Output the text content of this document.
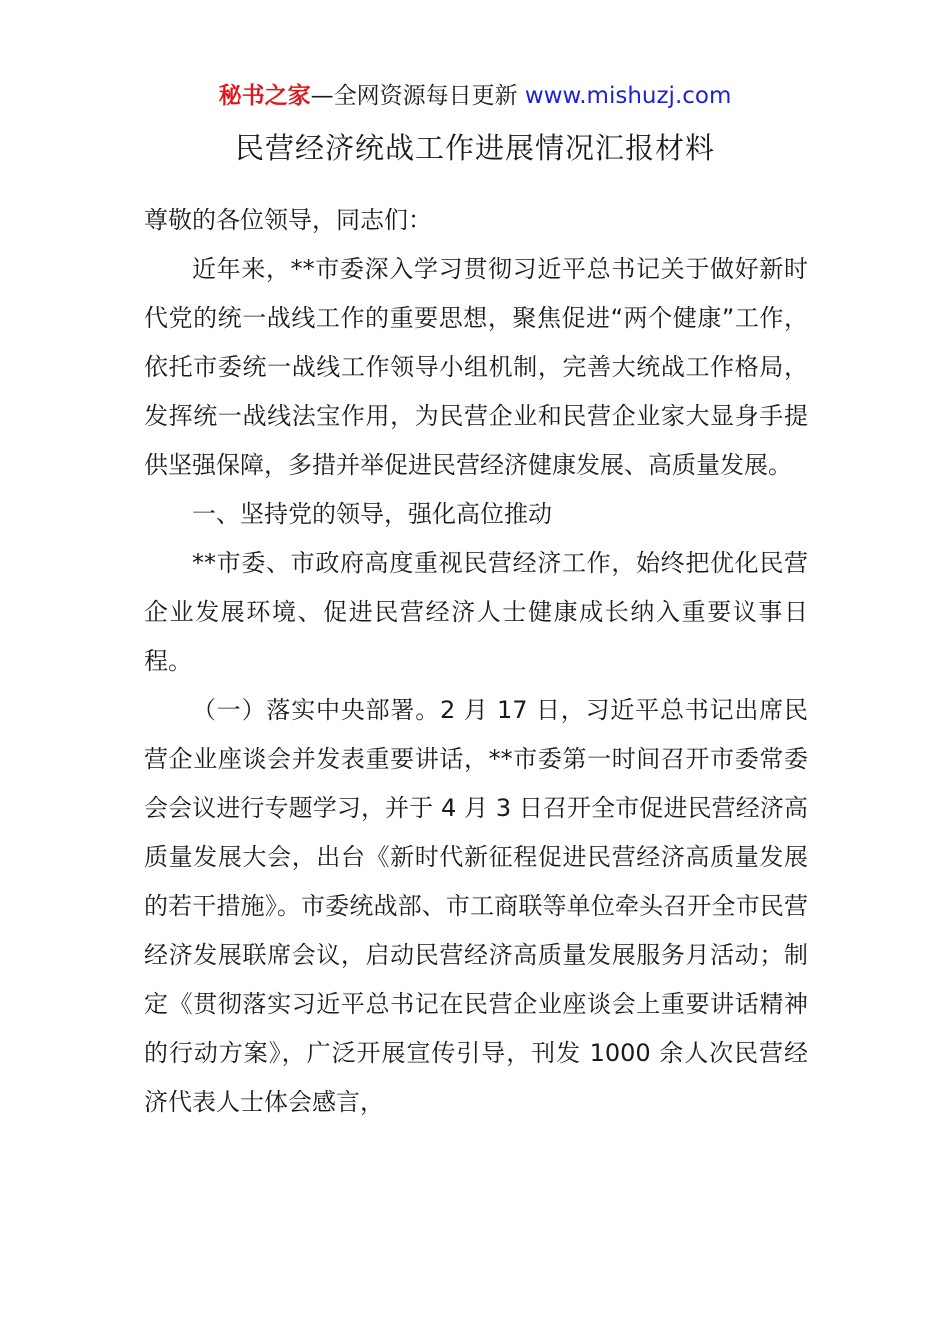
秘书之家—全网资源每日更新 www.mishuzj.com
民营经济统战工作进展情况汇报材料

尊敬的各位领导，同志们：

近年来，**市委深入学习贯彻习近平总书记关于做好新时代党的统一战线工作的重要思想，聚焦促进“两个健康”工作，依托市委统一战线工作领导小组机制，完善大统战工作格局，发挥统一战线法宝作用，为民营企业和民营企业家大显身手提供坚强保障，多措并举促进民营经济健康发展、高质量发展。

一、坚持党的领导，强化高位推动

**市委、市政府高度重视民营经济工作，始终把优化民营企业发展环境、促进民营经济人士健康成长纳入重要议事日程。

（一）落实中央部署。2 月 17 日，习近平总书记出席民营企业座谈会并发表重要讲话，**市委第一时间召开市委常委会会议进行专题学习，并于 4 月 3 日召开全市促进民营经济高质量发展大会，出台《新时代新征程促进民营经济高质量发展的若干措施》。市委统战部、市工商联等单位牵头召开全市民营经济发展联席会议，启动民营经济高质量发展服务月活动；制定《贯彻落实习近平总书记在民营企业座谈会上重要讲话精神的行动方案》，广泛开展宣传引导，刊发 1000 余人次民营经济代表人士体会感言，
